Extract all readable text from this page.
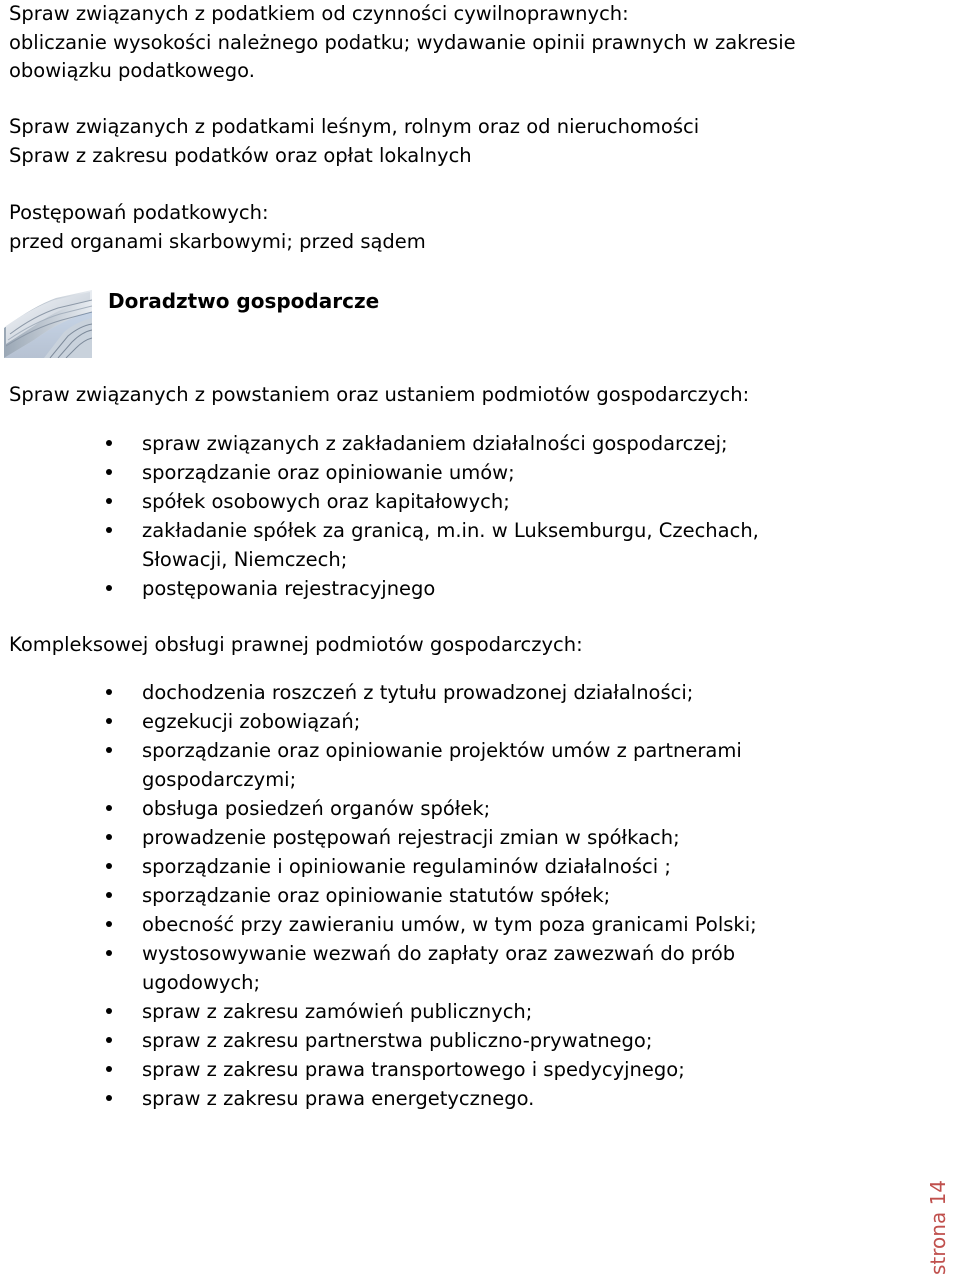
Spraw związanych z podatkiem od czynności cywilnoprawnych:
obliczanie wysokości należnego podatku; wydawanie opinii prawnych w zakresie
obowiązku podatkowego.
Spraw związanych z podatkami leśnym, rolnym oraz od nieruchomości
Spraw z zakresu podatków oraz opłat lokalnych
Postępowań podatkowych:
przed organami skarbowymi; przed sądem
Doradztwo gospodarcze
Spraw związanych z powstaniem oraz ustaniem podmiotów gospodarczych:
spraw związanych z zakładaniem działalności gospodarczej;
sporządzanie oraz opiniowanie umów;
spółek osobowych oraz kapitałowych;
zakładanie spółek za granicą, m.in. w Luksemburgu, Czechach,
Słowacji, Niemczech;
postępowania rejestracyjnego
Kompleksowej obsługi prawnej podmiotów gospodarczych:
dochodzenia roszczeń z tytułu prowadzonej działalności;
egzekucji zobowiązań;
sporządzanie oraz opiniowanie projektów umów z partnerami
gospodarczymi;
obsługa posiedzeń organów spółek;
prowadzenie postępowań rejestracji zmian w spółkach;
sporządzanie i opiniowanie regulaminów działalności ;
sporządzanie oraz opiniowanie statutów spółek;
obecność przy zawieraniu umów, w tym poza granicami Polski;
wystosowywanie wezwań do zapłaty oraz zawezwań do prób
ugodowych;
spraw z zakresu zamówień publicznych;
spraw z zakresu partnerstwa publiczno-prywatnego;
spraw z zakresu prawa transportowego i spedycyjnego;
spraw z zakresu prawa energetycznego.
strona 14
